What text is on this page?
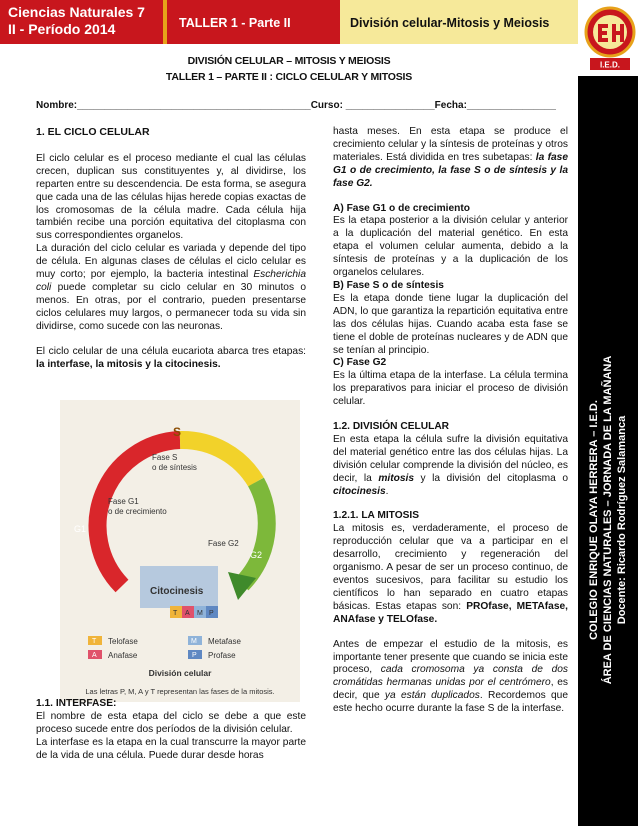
Ciencias Naturales 7
II - Período 2014	TALLER 1 - Parte II	División celular-Mitosis y Meiosis
I.E.D.
COLEGIO ENRIQUE OLAYA HERRERA – I.E.D. ÁREA DE CIENCIAS NATURALES – JORNADA DE LA MAÑANA Docente: Ricardo Rodríguez Salamanca
DIVISIÓN CELULAR – MITOSIS Y MEIOSIS
TALLER 1 – PARTE II : CICLO CELULAR Y MITOSIS
Nombre:__________________________________________Curso: ________________Fecha:________________

1. EL CICLO CELULAR

El ciclo celular es el proceso mediante el cual las células crecen, duplican sus constituyentes y, al dividirse, los reparten entre su descendencia. De esta forma, se asegura que cada una de las células hijas herede copias exactas de los cromosomas de la célula madre. Cada célula hija también recibe una porción equitativa del citoplasma con sus correspondientes organelos.

La duración del ciclo celular es variada y depende del tipo de célula. En algunas clases de células el ciclo celular es muy corto; por ejemplo, la bacteria intestinal Escherichia coli puede completar su ciclo celular en 30 minutos o menos. En otras, por el contrario, pueden presentarse ciclos celulares muy largos, o permanecer toda su vida sin dividirse, como sucede con las neuronas.

El ciclo celular de una célula eucariota abarca tres etapas: la interfase, la mitosis y la citocinesis.

S
Fase S
o de síntesis
G1
Fase G1
o de crecimiento
Fase G2
G2
Citocinesis
T A M P
T Telofase
A Anafase
M Metafase
P Profase
División celular
Las letras P, M, A y T representan las fases de la mitosis.

1.1. INTERFASE:

El nombre de esta etapa del ciclo se debe a que este proceso sucede entre dos períodos de la división celular.

La interfase es la etapa en la cual transcurre la mayor parte de la vida de una célula. Puede durar desde horas

hasta meses. En esta etapa se produce el crecimiento celular y la síntesis de proteínas y otros materiales. Está dividida en tres subetapas: la fase G1 o de crecimiento, la fase S o de síntesis y la fase G2.

A) Fase G1 o de crecimiento

Es la etapa posterior a la división celular y anterior a la duplicación del material genético. En esta etapa el volumen celular aumenta, debido a la síntesis de proteínas y a la duplicación de los organelos celulares.

B) Fase S o de síntesis

Es la etapa donde tiene lugar la duplicación del ADN, lo que garantiza la repartición equitativa entre las dos células hijas. Cuando acaba esta fase se tiene el doble de proteínas nucleares y de ADN que se tenían al principio.

C) Fase G2

Es la última etapa de la interfase. La célula termina los preparativos para iniciar el proceso de división celular.

1.2. DIVISIÓN CELULAR

En esta etapa la célula sufre la división equitativa del material genético entre las dos células hijas. La división celular comprende la división del núcleo, es decir, la mitosis y la división del citoplasma o citocinesis.

1.2.1. LA MITOSIS

La mitosis es, verdaderamente, el proceso de reproducción celular que va a participar en el desarrollo, crecimiento y regeneración del organismo. A pesar de ser un proceso continuo, de eventos sucesivos, para facilitar su estudio los científicos lo han separado en cuatro etapas básicas. Estas etapas son: PROfase, METAfase, ANAfase y TELOfase.

Antes de empezar el estudio de la mitosis, es importante tener presente que cuando se inicia este proceso, cada cromosoma ya consta de dos cromátidas hermanas unidas por el centrómero, es decir, que ya están duplicados. Recordemos que este hecho ocurre durante la fase S de la interfase.
